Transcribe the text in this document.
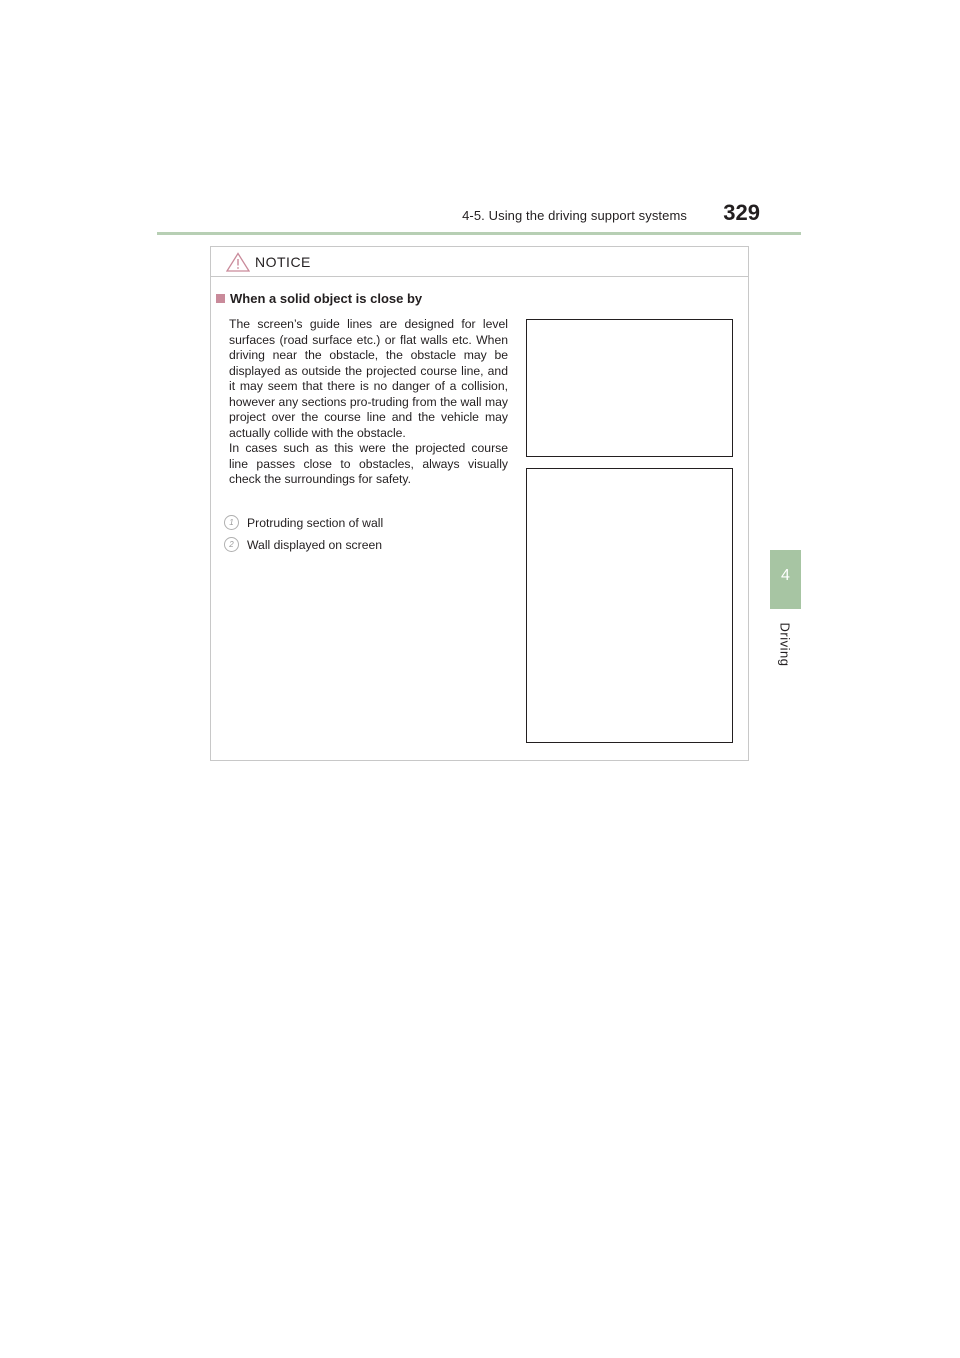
4-5. Using the driving support systems	329
4
Driving
NOTICE
When a solid object is close by

The screen’s guide lines are designed for level surfaces (road surface etc.) or flat walls etc. When driving near the obstacle, the obstacle may be displayed as outside the projected course line, and it may seem that there is no danger of a collision, however any sections pro-truding from the wall may project over the course line and the vehicle may actually collide with the obstacle.

In cases such as this were the projected course line passes close to obstacles, always visually check the surroundings for safety.

1	Protruding section of wall
2	Wall displayed on screen
